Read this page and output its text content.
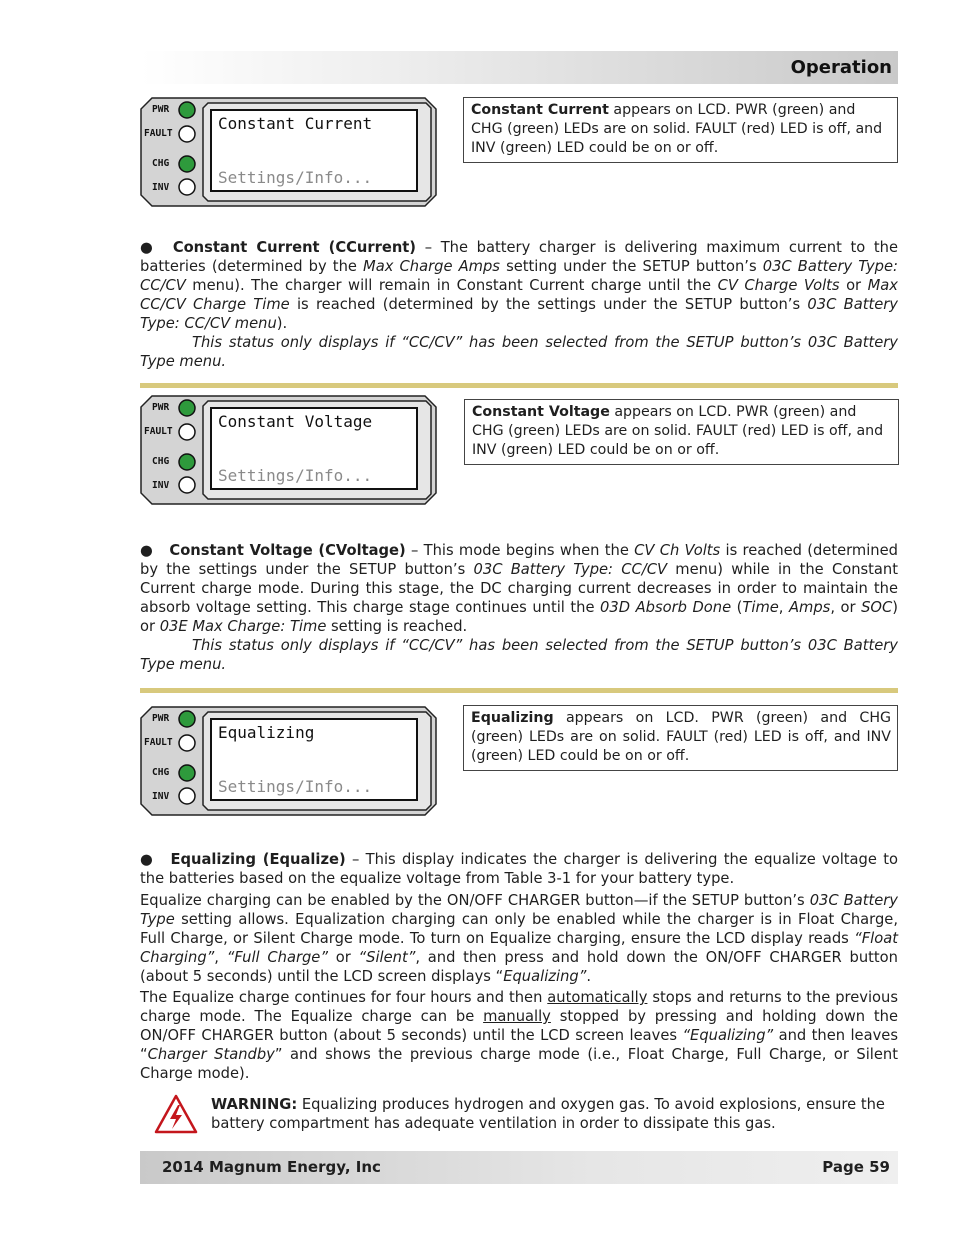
Operation
PWR
FAULT
CHG
INV
Constant Current
Settings/Info...
Constant Current appears on LCD. PWR (green) and CHG (green) LEDs are on solid. FAULT (red) LED is off, and INV (green) LED could be on or off.
● Constant Current (CCurrent) – The battery charger is delivering maximum current to the batteries (determined by the Max Charge Amps setting under the SETUP button’s 03C Battery Type: CC/CV menu). The charger will remain in Constant Current charge until the CV Charge Volts or Max CC/CV Charge Time is reached (determined by the settings under the SETUP button’s 03C Battery Type: CC/CV menu).
This status only displays if “CC/CV” has been selected from the SETUP button’s 03C Battery Type menu.
PWR
FAULT
CHG
INV
Constant Voltage
Settings/Info...
Constant Voltage appears on LCD. PWR (green) and CHG (green) LEDs are on solid. FAULT (red) LED is off, and INV (green) LED could be on or off.
● Constant Voltage (CVoltage) – This mode begins when the CV Ch Volts is reached (determined by the settings under the SETUP button’s 03C Battery Type: CC/CV menu) while in the Constant Current charge mode. During this stage, the DC charging current decreases in order to maintain the absorb voltage setting. This charge stage continues until the 03D Absorb Done (Time, Amps, or SOC) or 03E Max Charge: Time setting is reached.
This status only displays if “CC/CV” has been selected from the SETUP button’s 03C Battery Type menu.
PWR
FAULT
CHG
INV
Equalizing
Settings/Info...
Equalizing appears on LCD. PWR (green) and CHG (green) LEDs are on solid. FAULT (red) LED is off, and INV (green) LED could be on or off.
● Equalizing (Equalize) – This display indicates the charger is delivering the equalize voltage to the batteries based on the equalize voltage from Table 3-1 for your battery type.
Equalize charging can be enabled by the ON/OFF CHARGER button—if the SETUP button’s 03C Battery Type setting allows. Equalization charging can only be enabled while the charger is in Float Charge, Full Charge, or Silent Charge mode. To turn on Equalize charging, ensure the LCD display reads “Float Charging”, “Full Charge” or “Silent”, and then press and hold down the ON/OFF CHARGER button (about 5 seconds) until the LCD screen displays “Equalizing”.
The Equalize charge continues for four hours and then automatically stops and returns to the previous charge mode. The Equalize charge can be manually stopped by pressing and holding down the ON/OFF CHARGER button (about 5 seconds) until the LCD screen leaves “Equalizing” and then leaves “Charger Standby” and shows the previous charge mode (i.e., Float Charge, Full Charge, or Silent Charge mode).
WARNING: Equalizing produces hydrogen and oxygen gas. To avoid explosions, ensure the battery compartment has adequate ventilation in order to dissipate this gas.
2014 Magnum Energy, Inc	Page 59
